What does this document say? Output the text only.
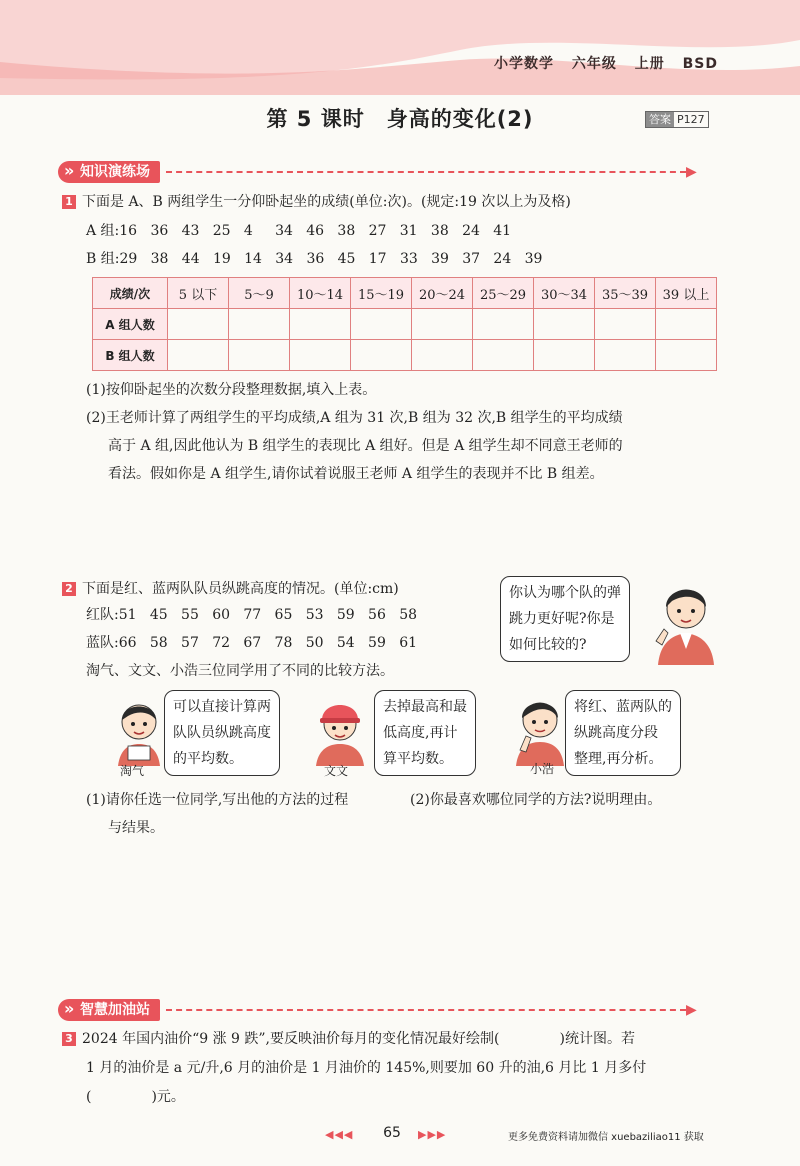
小学数学 六年级 上册 BSD
第 5 课时 身高的变化(2)	答案 P127
» 知识演练场	▶
1 下面是 A、B 两组学生一分仰卧起坐的成绩(单位:次)。(规定:19 次以上为及格)
A 组:16   36   43   25   4     34   46   38   27   31   38   24   41
B 组:29   38   44   19   14   34   36   45   17   33   39   37   24   39
成绩/次	5 以下	5～9	10～14	15～19	20～24	25～29	30～34	35～39	39 以上
A 组人数									
B 组人数									
(1)按仰卧起坐的次数分段整理数据,填入上表。
(2)王老师计算了两组学生的平均成绩,A 组为 31 次,B 组为 32 次,B 组学生的平均成绩
高于 A 组,因此他认为 B 组学生的表现比 A 组好。但是 A 组学生却不同意王老师的
看法。假如你是 A 组学生,请你试着说服王老师 A 组学生的表现并不比 B 组差。
2 下面是红、蓝两队队员纵跳高度的情况。(单位:cm)
红队:51   45   55   60   77   65   53   59   56   58
蓝队:66   58   57   72   67   78   50   54   59   61
淘气、文文、小浩三位同学用了不同的比较方法。
你认为哪个队的弹
跳力更好呢?你是
如何比较的?
淘气
可以直接计算两
队队员纵跳高度
的平均数。
文文
去掉最高和最
低高度,再计
算平均数。
小浩
将红、蓝两队的
纵跳高度分段
整理,再分析。
(1)请你任选一位同学,写出他的方法的过程
与结果。
(2)你最喜欢哪位同学的方法?说明理由。
» 智慧加油站	▶
3 2024 年国内油价“9 涨 9 跌”,要反映油价每月的变化情况最好绘制(	)统计图。若
1 月的油价是 a 元/升,6 月的油价是 1 月油价的 145%,则要加 60 升的油,6 月比 1 月多付
(	)元。
◀◀◀	65	▶▶▶	更多免费资料请加微信 xuebaziliao11 获取
